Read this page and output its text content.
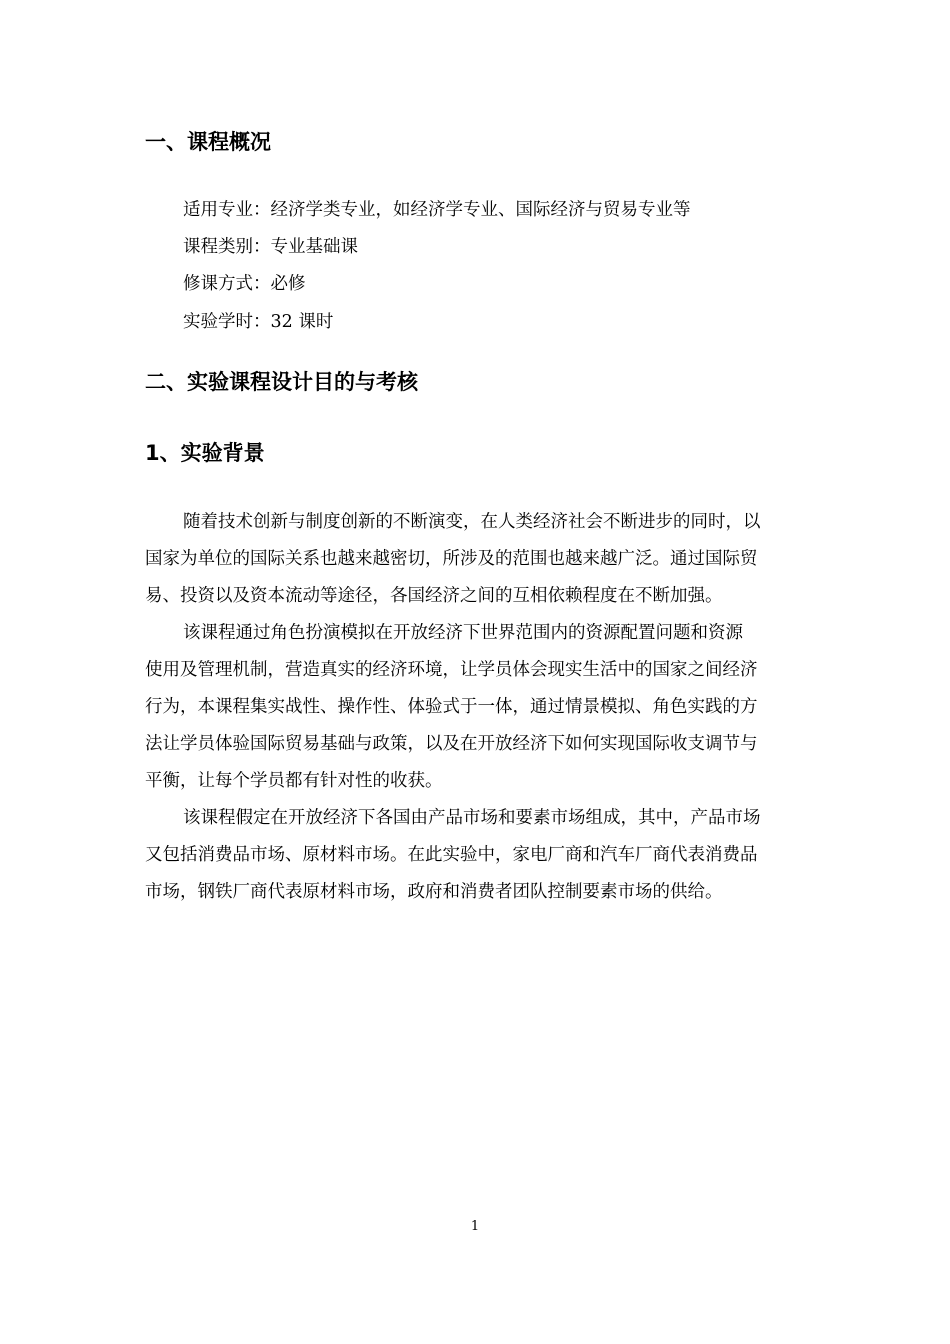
一、课程概况
适用专业：经济学类专业，如经济学专业、国际经济与贸易专业等
课程类别：专业基础课
修课方式：必修
实验学时：32 课时
二、实验课程设计目的与考核
1、实验背景
随着技术创新与制度创新的不断演变，在人类经济社会不断进步的同时，以
国家为单位的国际关系也越来越密切，所涉及的范围也越来越广泛。通过国际贸
易、投资以及资本流动等途径，各国经济之间的互相依赖程度在不断加强。
该课程通过角色扮演模拟在开放经济下世界范围内的资源配置问题和资源
使用及管理机制，营造真实的经济环境，让学员体会现实生活中的国家之间经济
行为，本课程集实战性、操作性、体验式于一体，通过情景模拟、角色实践的方
法让学员体验国际贸易基础与政策，以及在开放经济下如何实现国际收支调节与
平衡，让每个学员都有针对性的收获。
该课程假定在开放经济下各国由产品市场和要素市场组成，其中，产品市场
又包括消费品市场、原材料市场。在此实验中，家电厂商和汽车厂商代表消费品
市场，钢铁厂商代表原材料市场，政府和消费者团队控制要素市场的供给。
1
